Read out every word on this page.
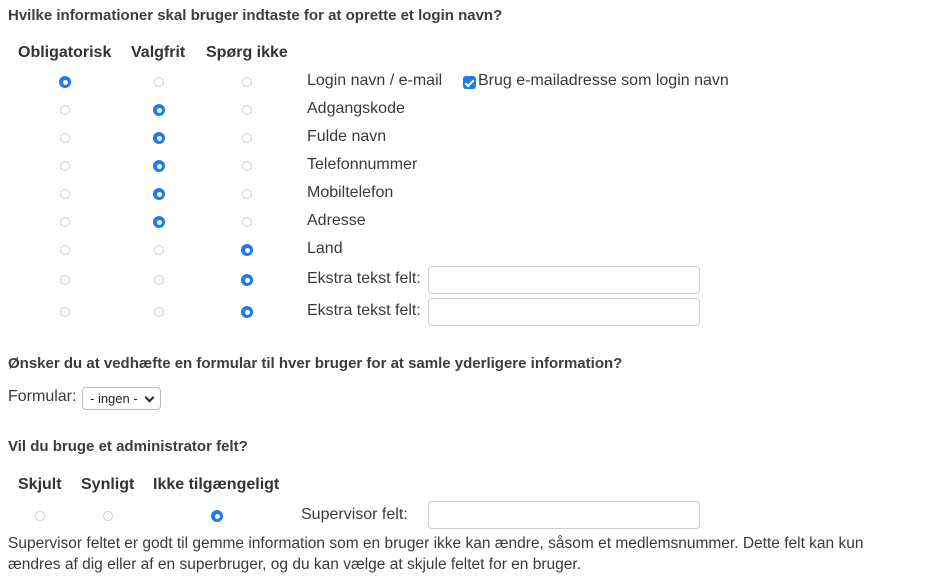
Hvilke informationer skal bruger indtaste for at oprette et login navn?
Obligatorisk Valgfrit Spørg ikke
Login navn / e-mail
Adgangskode
Fulde navn
Telefonnummer
Mobiltelefon
Adresse
Land
Ekstra tekst felt:
Ekstra tekst felt:
Brug e-mailadresse som login navn
Ønsker du at vedhæfte en formular til hver bruger for at samle yderligere information?
Formular:	- ingen -
Vil du bruge et administrator felt?
Skjult Synligt Ikke tilgængeligt
Supervisor felt:
Supervisor feltet er godt til gemme information som en bruger ikke kan ændre, såsom et medlemsnummer. Dette felt kan kun ændres af dig eller af en superbruger, og du kan vælge at skjule feltet for en bruger.
